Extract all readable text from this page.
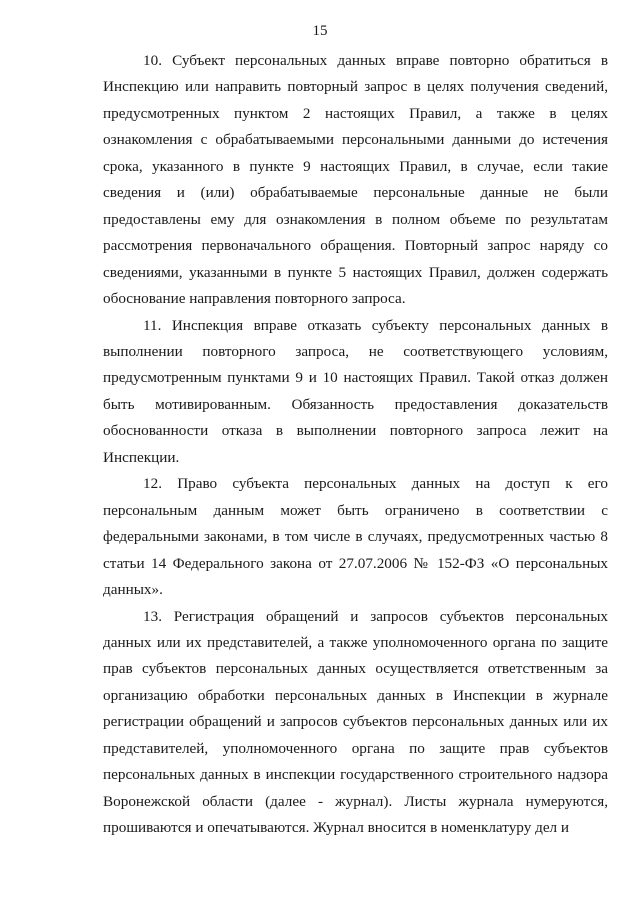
15

10. Субъект персональных данных вправе повторно обратиться в Инспекцию или направить повторный запрос в целях получения сведений, предусмотренных пунктом 2 настоящих Правил, а также в целях ознакомления с обрабатываемыми персональными данными до истечения срока, указанного в пункте 9 настоящих Правил, в случае, если такие сведения и (или) обрабатываемые персональные данные не были предоставлены ему для ознакомления в полном объеме по результатам рассмотрения первоначального обращения. Повторный запрос наряду со сведениями, указанными в пункте 5 настоящих Правил, должен содержать обоснование направления повторного запроса.

11. Инспекция вправе отказать субъекту персональных данных в выполнении повторного запроса, не соответствующего условиям, предусмотренным пунктами 9 и 10 настоящих Правил. Такой отказ должен быть мотивированным. Обязанность предоставления доказательств обоснованности отказа в выполнении повторного запроса лежит на Инспекции.

12. Право субъекта персональных данных на доступ к его персональным данным может быть ограничено в соответствии с федеральными законами, в том числе в случаях, предусмотренных частью 8 статьи 14 Федерального закона от 27.07.2006 № 152-ФЗ «О персональных данных».

13. Регистрация обращений и запросов субъектов персональных данных или их представителей, а также уполномоченного органа по защите прав субъектов персональных данных осуществляется ответственным за организацию обработки персональных данных в Инспекции в журнале регистрации обращений и запросов субъектов персональных данных или их представителей, уполномоченного органа по защите прав субъектов персональных данных в инспекции государственного строительного надзора Воронежской области (далее - журнал). Листы журнала нумеруются, прошиваются и опечатываются. Журнал вносится в номенклатуру дел и
